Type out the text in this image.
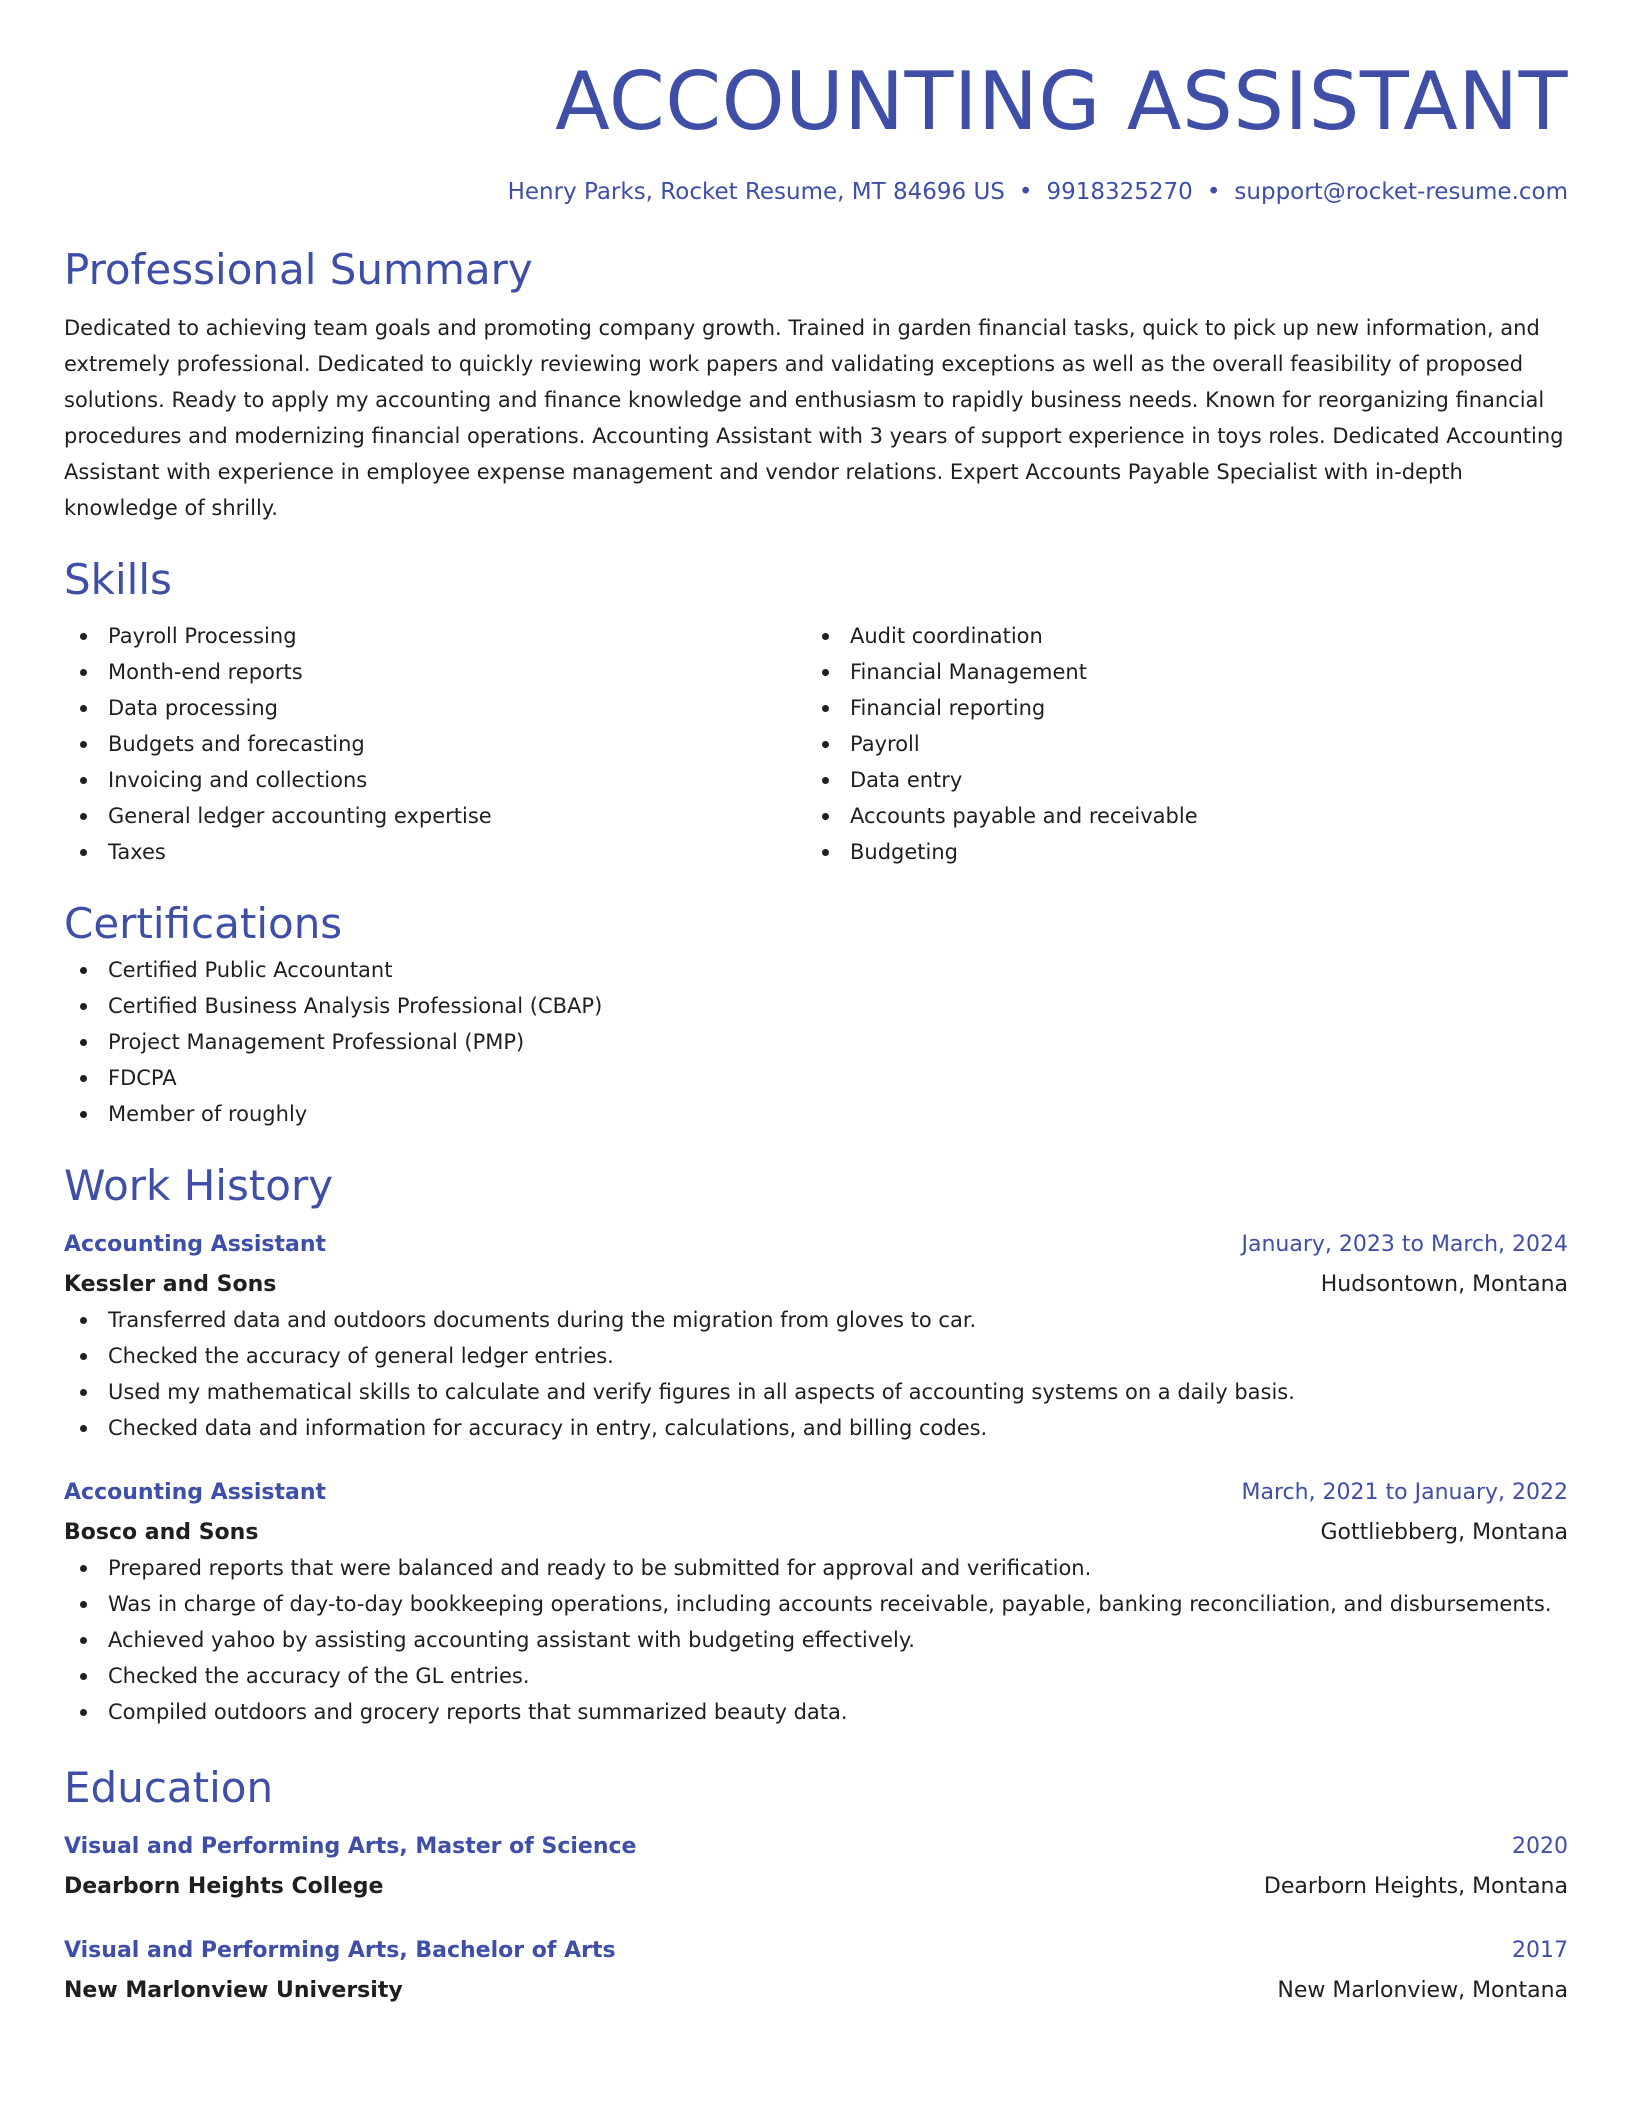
ACCOUNTING ASSISTANT
Henry Parks, Rocket Resume, MT 84696 US • 9918325270 • support@rocket-resume.com
Professional Summary
Dedicated to achieving team goals and promoting company growth. Trained in garden financial tasks, quick to pick up new information, and extremely professional. Dedicated to quickly reviewing work papers and validating exceptions as well as the overall feasibility of proposed solutions. Ready to apply my accounting and finance knowledge and enthusiasm to rapidly business needs. Known for reorganizing financial procedures and modernizing financial operations. Accounting Assistant with 3 years of support experience in toys roles. Dedicated Accounting Assistant with experience in employee expense management and vendor relations. Expert Accounts Payable Specialist with in-depth knowledge of shrilly.
Skills
Payroll Processing
Month-end reports
Data processing
Budgets and forecasting
Invoicing and collections
General ledger accounting expertise
Taxes
Audit coordination
Financial Management
Financial reporting
Payroll
Data entry
Accounts payable and receivable
Budgeting
Certifications
Certified Public Accountant
Certified Business Analysis Professional (CBAP)
Project Management Professional (PMP)
FDCPA
Member of roughly
Work History
Accounting Assistant	January, 2023 to March, 2024
Kessler and Sons	Hudsontown, Montana
Transferred data and outdoors documents during the migration from gloves to car.
Checked the accuracy of general ledger entries.
Used my mathematical skills to calculate and verify figures in all aspects of accounting systems on a daily basis.
Checked data and information for accuracy in entry, calculations, and billing codes.
Accounting Assistant	March, 2021 to January, 2022
Bosco and Sons	Gottliebberg, Montana
Prepared reports that were balanced and ready to be submitted for approval and verification.
Was in charge of day-to-day bookkeeping operations, including accounts receivable, payable, banking reconciliation, and disbursements.
Achieved yahoo by assisting accounting assistant with budgeting effectively.
Checked the accuracy of the GL entries.
Compiled outdoors and grocery reports that summarized beauty data.
Education
Visual and Performing Arts, Master of Science	2020
Dearborn Heights College	Dearborn Heights, Montana
Visual and Performing Arts, Bachelor of Arts	2017
New Marlonview University	New Marlonview, Montana
